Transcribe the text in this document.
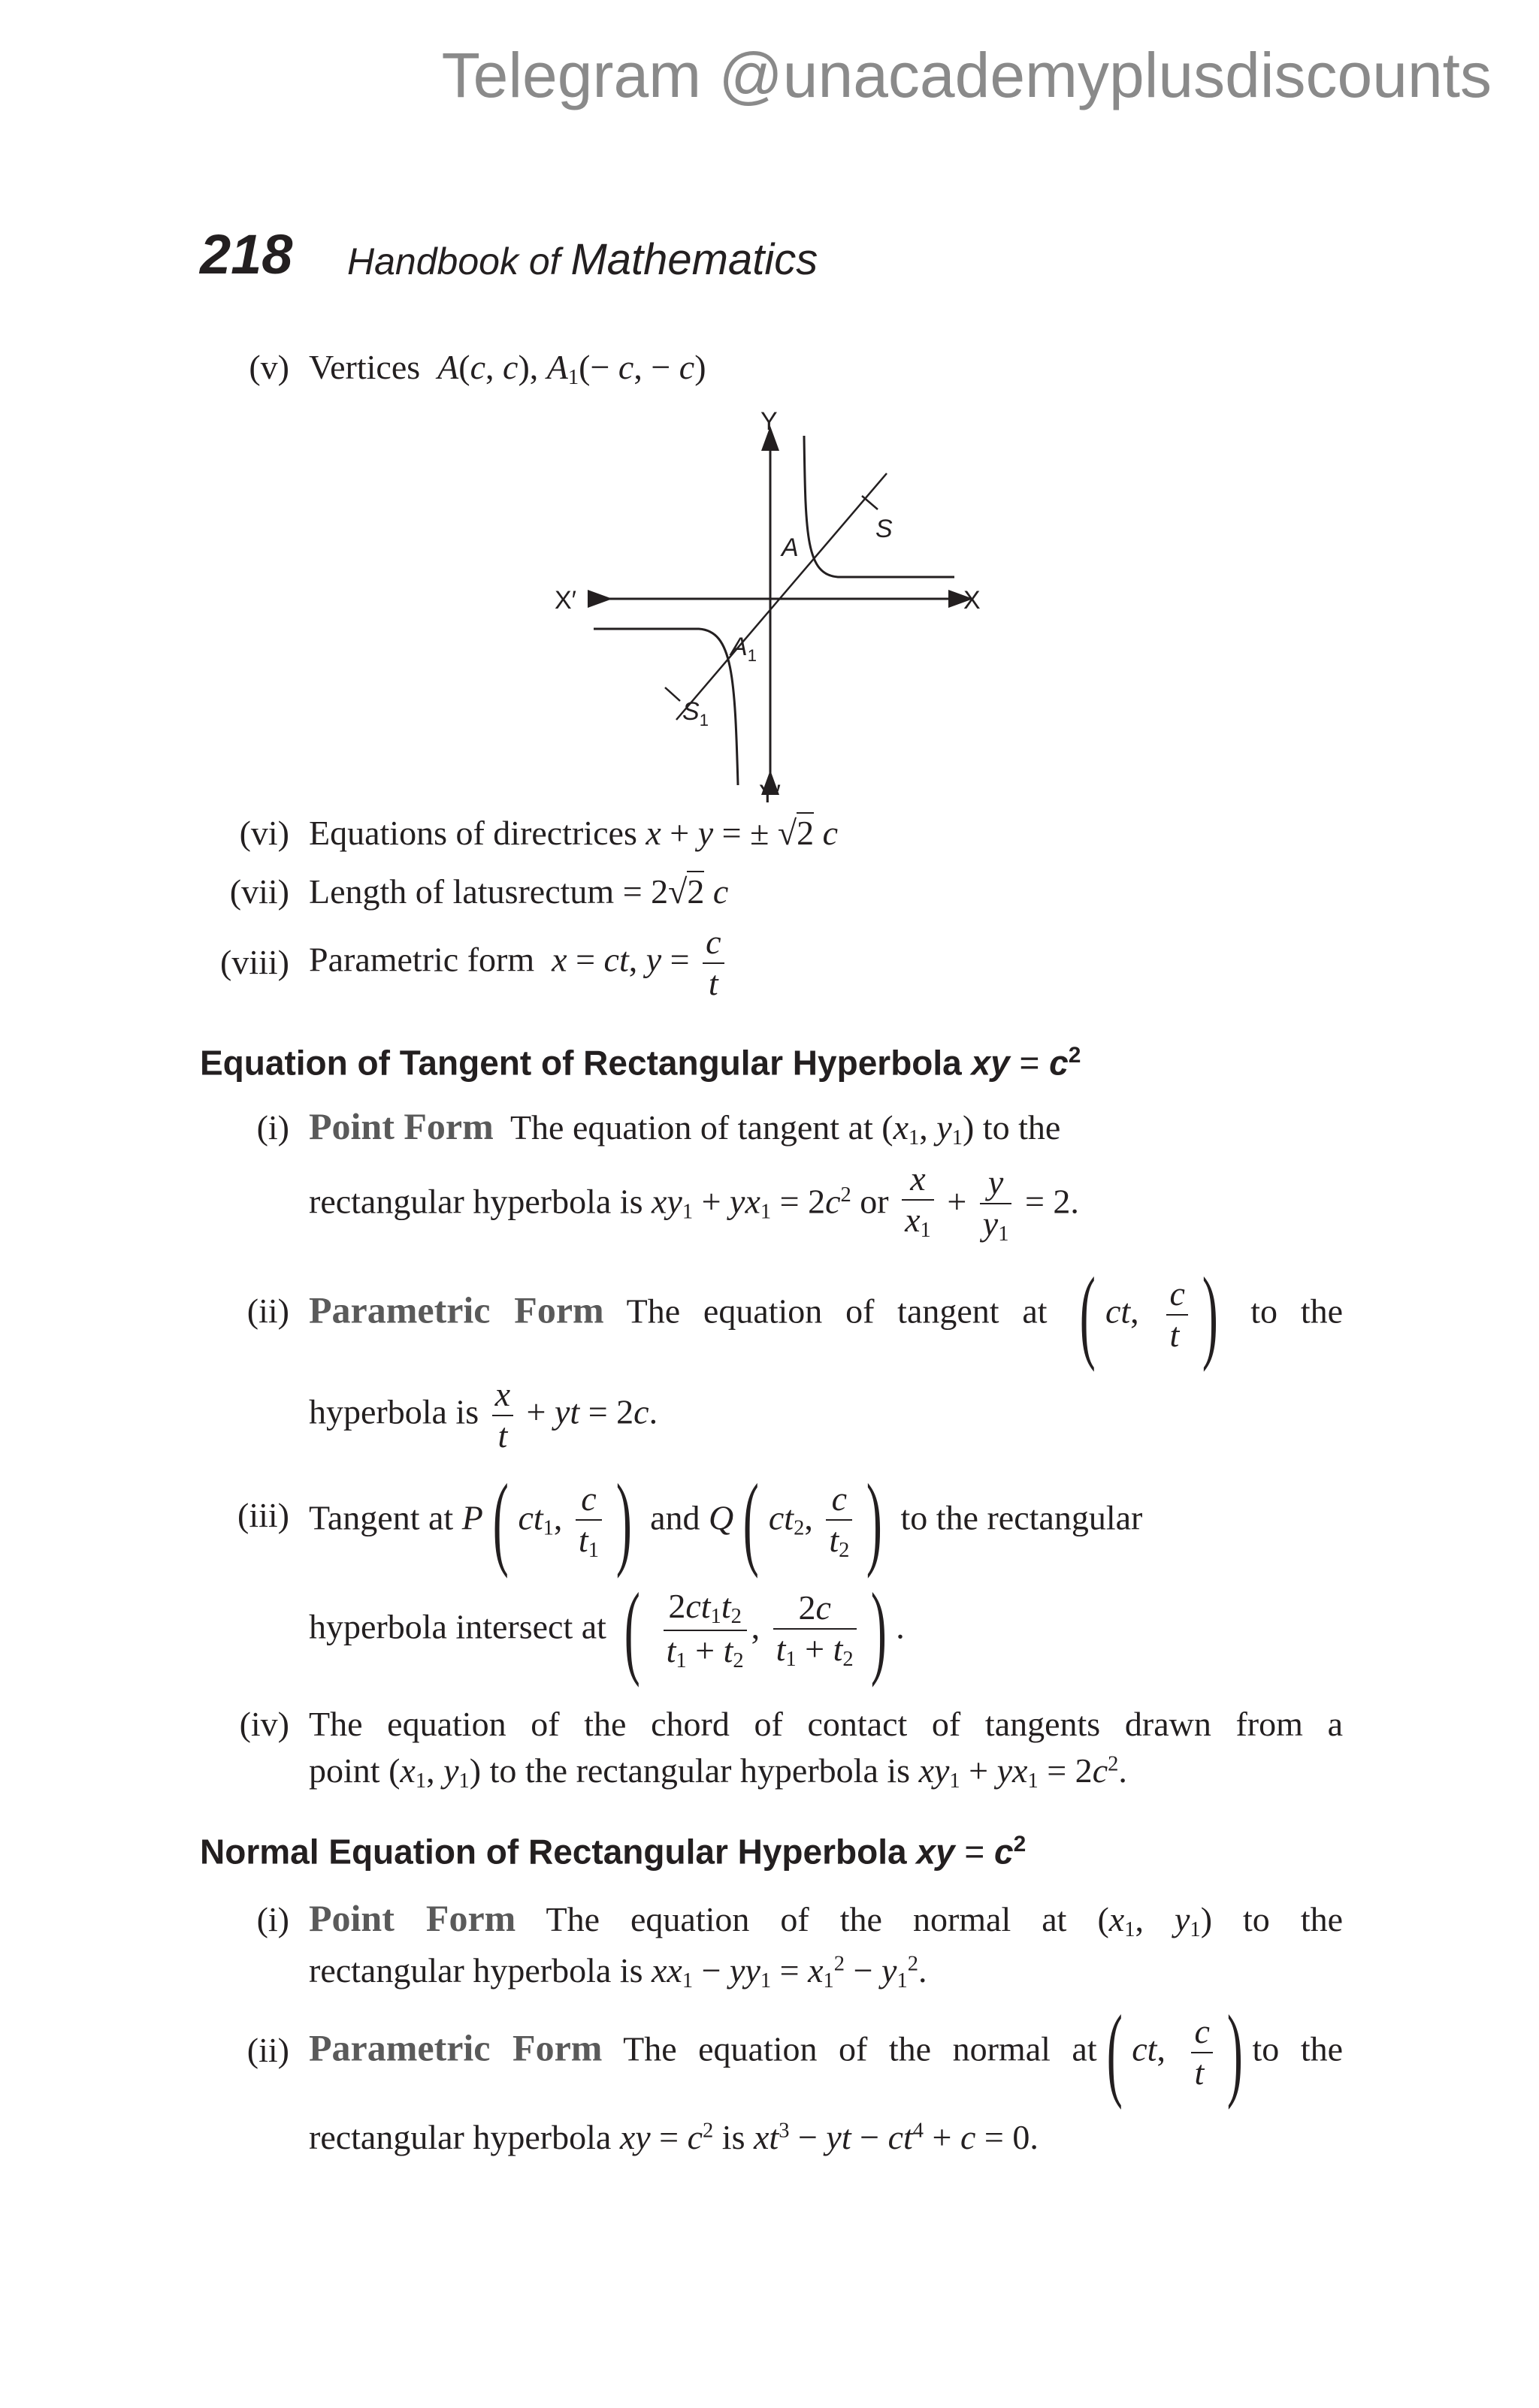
Telegram @unacademyplusdiscounts
218 Handbook of Mathematics
(v) Vertices A(c, c), $A_1(- c$, − c)
Y
Y′
X
X′
A
S
$A_1$
$S_1$
(vi) Equations of directrices x + y = ± √2 c
(vii) Length of latusrectum = 2√2 c
(viii) Parametric form x = ct, $y = \frac{c}{t}$
Equation of Tangent of Rectangular Hyperbola xy = $c^2$
(i) Point Form The equation of tangent at ($x_1$, $y_1$) to the
rectangular hyperbola is $xy_1 + yx_1 = 2c^2$ or $\frac{x}{x_1} + \frac{y}{y_1} = 2$.
(ii) Parametric Form The equation of tangent at ( ct, $\frac{c}{t}$ ) to the
hyperbola is $\frac{x}{t}$ + yt = 2c.
(iii) Tangent at P( $ct_1$, $\frac{c}{t_1}$ ) and Q( $ct_2$, $\frac{c}{t_2}$ ) to the rectangular
hyperbola intersect at ( $\frac{2ct_1t_2}{t_1 + t_2}$ , $\frac{2c}{t_1 + t_2}$ ) .
(iv) The equation of the chord of contact of tangents drawn from a
point ($x_1$, $y_1$) to the rectangular hyperbola is $xy_1 + yx_1 = 2c^2$.
Normal Equation of Rectangular Hyperbola xy = $c^2$
(i) Point Form The equation of the normal at ($x_1$, $y_1$) to the
rectangular hyperbola is $xx_1 - yy_1 = x_1^2 - y_1^2$.
(ii) Parametric Form The equation of the normal at( ct, $\frac{c}{t}$ ) to the
rectangular hyperbola xy = $c^2$ is $xt^3$ − yt − $ct^4 + c = 0$.
